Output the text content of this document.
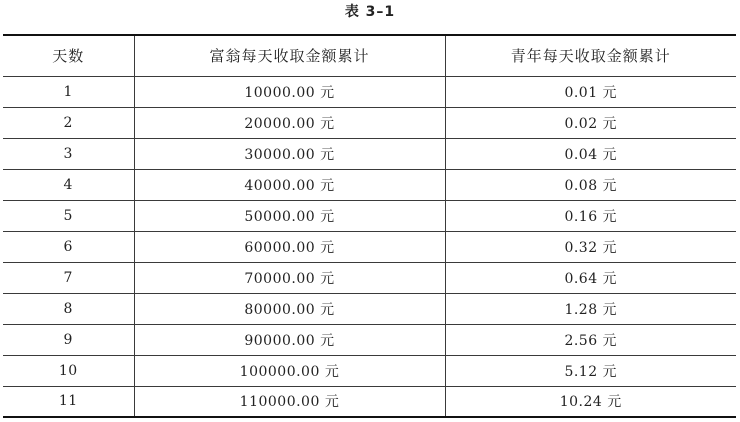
表 3–1
天数	富翁每天收取金额累计	青年每天收取金额累计
1	10000.00 元	0.01 元
2	20000.00 元	0.02 元
3	30000.00 元	0.04 元
4	40000.00 元	0.08 元
5	50000.00 元	0.16 元
6	60000.00 元	0.32 元
7	70000.00 元	0.64 元
8	80000.00 元	1.28 元
9	90000.00 元	2.56 元
10	100000.00 元	5.12 元
11	110000.00 元	10.24 元
